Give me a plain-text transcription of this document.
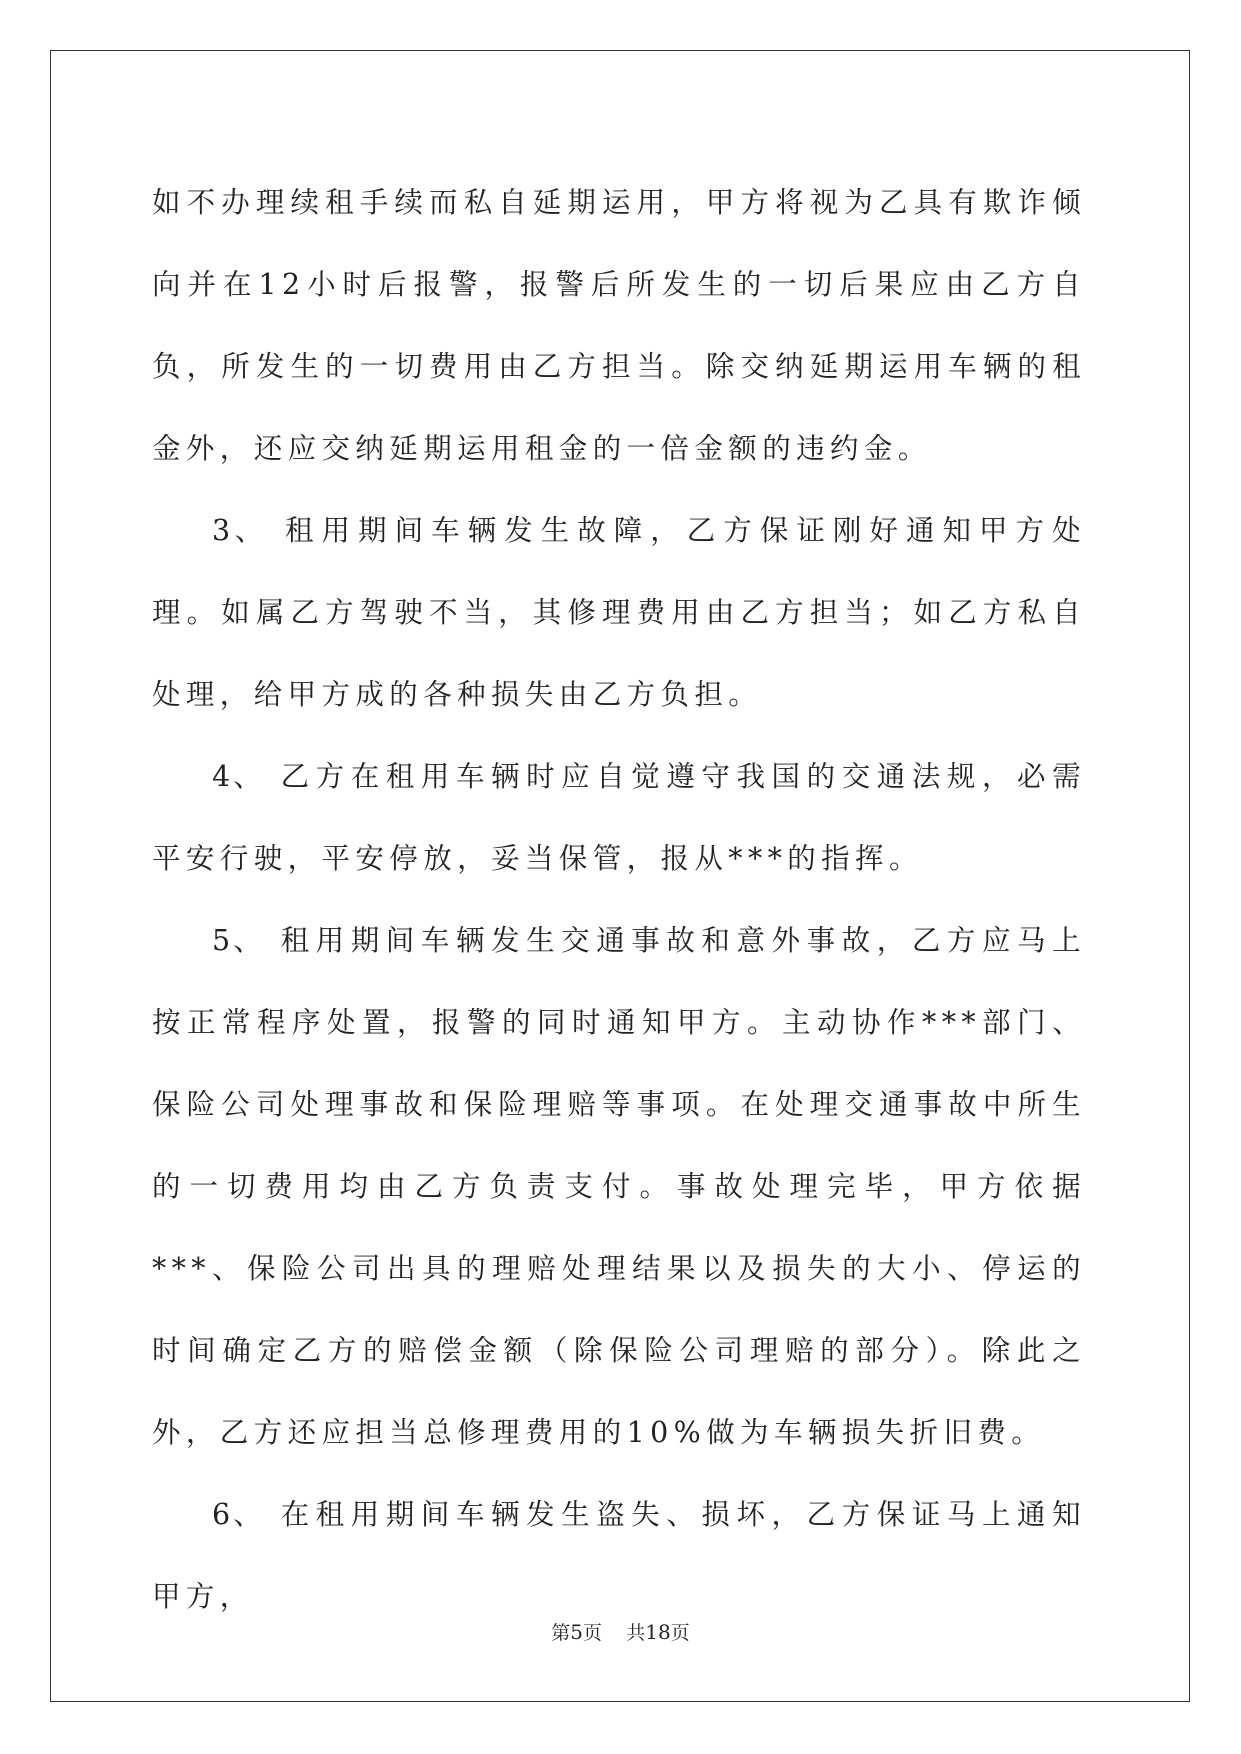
如不办理续租手续而私自延期运用，甲方将视为乙具有欺诈倾向并在12小时后报警，报警后所发生的一切后果应由乙方自负，所发生的一切费用由乙方担当。除交纳延期运用车辆的租金外，还应交纳延期运用租金的一倍金额的违约金。

3、 租用期间车辆发生故障，乙方保证刚好通知甲方处理。如属乙方驾驶不当，其修理费用由乙方担当；如乙方私自处理，给甲方成的各种损失由乙方负担。

4、 乙方在租用车辆时应自觉遵守我国的交通法规，必需平安行驶，平安停放，妥当保管，报从***的指挥。

5、 租用期间车辆发生交通事故和意外事故，乙方应马上按正常程序处置，报警的同时通知甲方。主动协作***部门、保险公司处理事故和保险理赔等事项。在处理交通事故中所生的一切费用均由乙方负责支付。事故处理完毕，甲方依据***、保险公司出具的理赔处理结果以及损失的大小、停运的时间确定乙方的赔偿金额（除保险公司理赔的部分）。除此之外，乙方还应担当总修理费用的10%做为车辆损失折旧费。

6、 在租用期间车辆发生盗失、损坏，乙方保证马上通知甲方，

第5页 共18页
